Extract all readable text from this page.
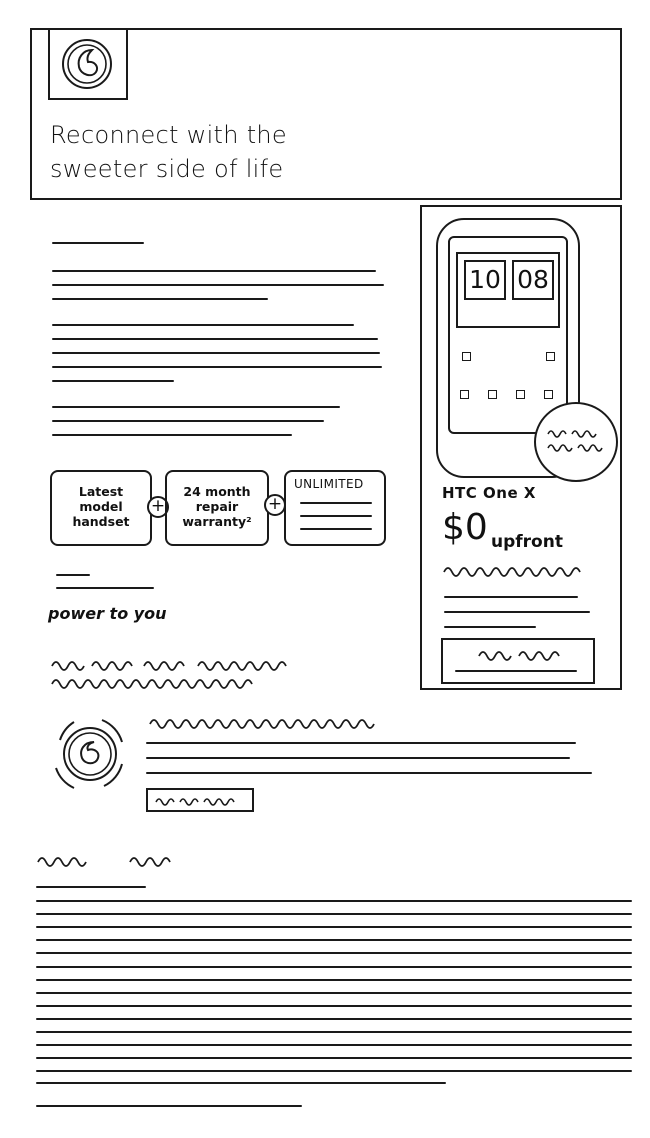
Reconnect with the
sweeter side of life
Latest
model
handset
+
24 month
repair
warranty²
+
UNLIMITED
power to you
10 08
HTC One X
$0 upfront
